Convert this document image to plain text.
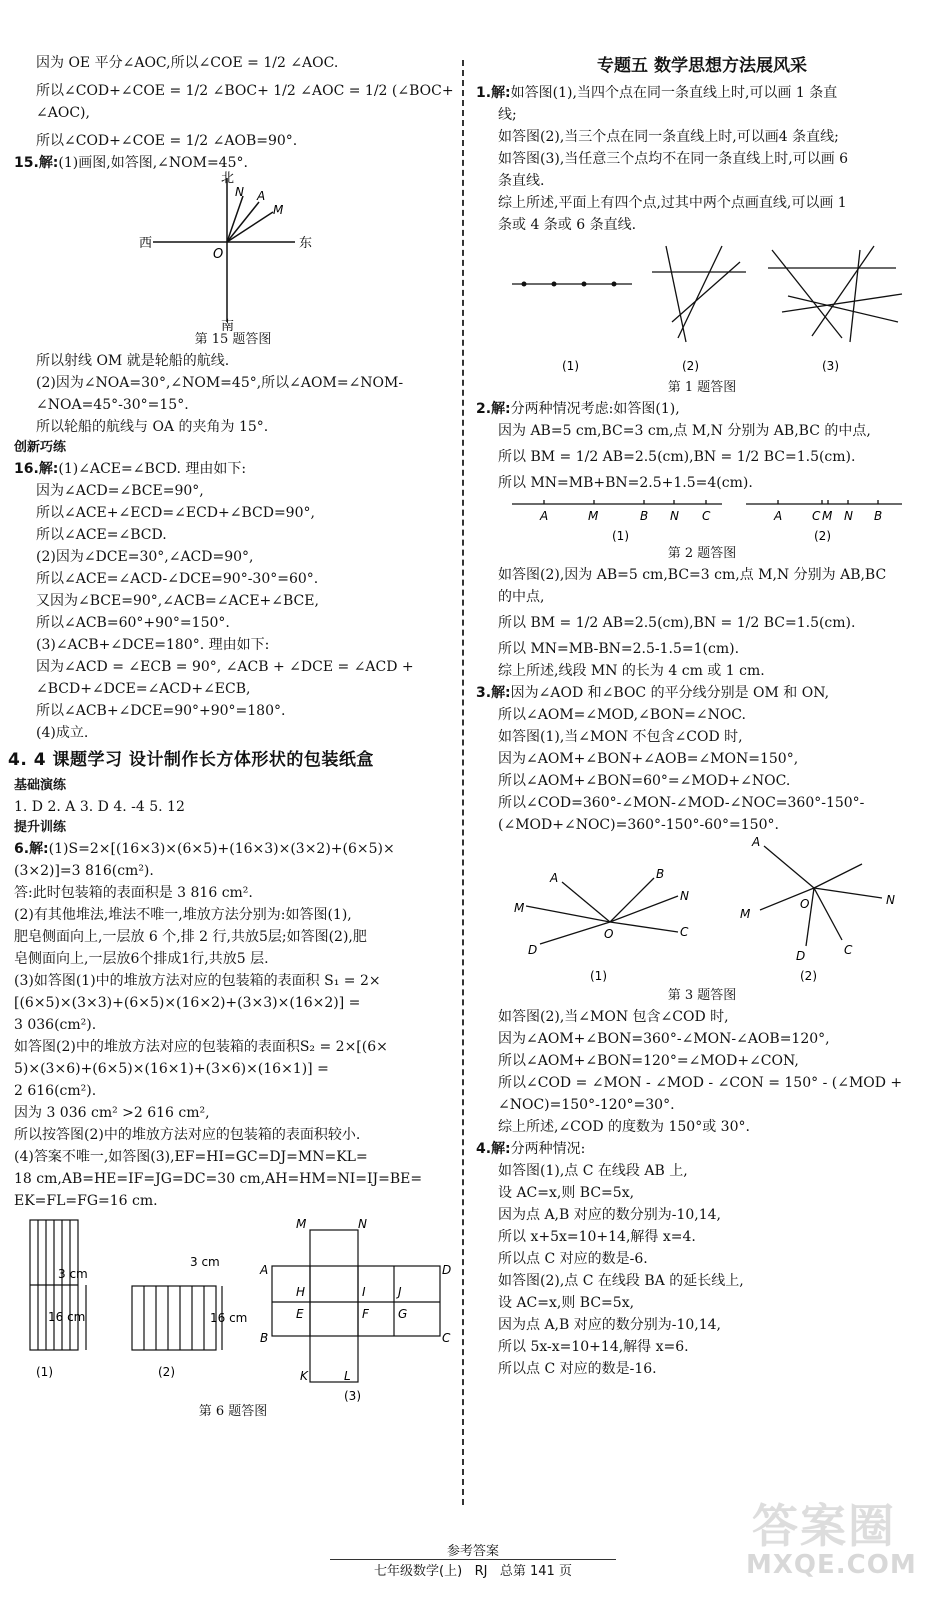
因为 OE 平分∠AOC,所以∠COE = 1/2 ∠AOC.
所以∠COD+∠COE = 1/2 ∠BOC+ 1/2 ∠AOC = 1/2 (∠BOC+
∠AOC),
所以∠COD+∠COE = 1/2 ∠AOB=90°.
15.解:(1)画图,如答图,∠NOM=45°.
北
南
西	东
O
N A
M
第 15 题答图
所以射线 OM 就是轮船的航线.
(2)因为∠NOA=30°,∠NOM=45°,所以∠AOM=∠NOM-
∠NOA=45°-30°=15°.
所以轮船的航线与 OA 的夹角为 15°.
创新巧练
16.解:(1)∠ACE=∠BCD. 理由如下:
因为∠ACD=∠BCE=90°,
所以∠ACE+∠ECD=∠ECD+∠BCD=90°,
所以∠ACE=∠BCD.
(2)因为∠DCE=30°,∠ACD=90°,
所以∠ACE=∠ACD-∠DCE=90°-30°=60°.
又因为∠BCE=90°,∠ACB=∠ACE+∠BCE,
所以∠ACB=60°+90°=150°.
(3)∠ACB+∠DCE=180°. 理由如下:
因为∠ACD = ∠ECB = 90°, ∠ACB + ∠DCE = ∠ACD +
∠BCD+∠DCE=∠ACD+∠ECB,
所以∠ACB+∠DCE=90°+90°=180°.
(4)成立.
4. 4 课题学习 设计制作长方体形状的包装纸盒
基础演练
1. D 2. A 3. D 4. -4 5. 12
提升训练
6.解:(1)S=2×[(16×3)×(6×5)+(16×3)×(3×2)+(6×5)×
(3×2)]=3 816(cm²).
答:此时包装箱的表面积是 3 816 cm².
(2)有其他堆法,堆法不唯一,堆放方法分别为:如答图(1),
肥皂侧面向上,一层放 6 个,排 2 行,共放5层;如答图(2),肥
皂侧面向上,一层放6个排成1行,共放5 层.
(3)如答图(1)中的堆放方法对应的包装箱的表面积 S₁ = 2×
[(6×5)×(3×3)+(6×5)×(16×2)+(3×3)×(16×2)] =
3 036(cm²).
如答图(2)中的堆放方法对应的包装箱的表面积S₂ = 2×[(6×
5)×(3×6)+(6×5)×(16×1)+(3×6)×(16×1)] =
2 616(cm²).
因为 3 036 cm² >2 616 cm²,
所以按答图(2)中的堆放方法对应的包装箱的表面积较小.
(4)答案不唯一,如答图(3),EF=HI=GC=DJ=MN=KL=
18 cm,AB=HE=IF=JG=DC=30 cm,AH=HM=NI=IJ=BE=
EK=FL=FG=16 cm.
3 cm
16 cm
(1)
3 cm
16 cm
(2)
M	N
A
H	I	J
D
B
E	F G
C
K	L
(3)
第 6 题答图
专题五 数学思想方法展风采
1.解:如答图(1),当四个点在同一条直线上时,可以画 1 条直
线;
如答图(2),当三个点在同一条直线上时,可以画4 条直线;
如答图(3),当任意三个点均不在同一条直线上时,可以画 6
条直线.
综上所述,平面上有四个点,过其中两个点画直线,可以画 1
条或 4 条或 6 条直线.
(1)	(2)	(3)
第 1 题答图
2.解:分两种情况考虑:如答图(1),
因为 AB=5 cm,BC=3 cm,点 M,N 分别为 AB,BC 的中点,
所以 BM = 1/2 AB=2.5(cm),BN = 1/2 BC=1.5(cm).
所以 MN=MB+BN=2.5+1.5=4(cm).
A	M	B N C	A C M N B
(1)	(2)
第 2 题答图
如答图(2),因为 AB=5 cm,BC=3 cm,点 M,N 分别为 AB,BC
的中点,
所以 BM = 1/2 AB=2.5(cm),BN = 1/2 BC=1.5(cm).
所以 MN=MB-BN=2.5-1.5=1(cm).
综上所述,线段 MN 的长为 4 cm 或 1 cm.
3.解:因为∠AOD 和∠BOC 的平分线分别是 OM 和 ON,
所以∠AOM=∠MOD,∠BON=∠NOC.
如答图(1),当∠MON 不包含∠COD 时,
因为∠AOM+∠BON+∠AOB=∠MON=150°,
所以∠AOM+∠BON=60°=∠MOD+∠NOC.
所以∠COD=360°-∠MON-∠MOD-∠NOC=360°-150°-
(∠MOD+∠NOC)=360°-150°-60°=150°.
A	B
N
M
O	C
D
(1)
A
N
M
O
D	C
(2)
第 3 题答图
如答图(2),当∠MON 包含∠COD 时,
因为∠AOM+∠BON=360°-∠MON-∠AOB=120°,
所以∠AOM+∠BON=120°=∠MOD+∠CON,
所以∠COD = ∠MON - ∠MOD - ∠CON = 150° - (∠MOD +
∠NOC)=150°-120°=30°.
综上所述,∠COD 的度数为 150°或 30°.
4.解:分两种情况:
如答图(1),点 C 在线段 AB 上,
设 AC=x,则 BC=5x,
因为点 A,B 对应的数分别为-10,14,
所以 x+5x=10+14,解得 x=4.
所以点 C 对应的数是-6.
如答图(2),点 C 在线段 BA 的延长线上,
设 AC=x,则 BC=5x,
因为点 A,B 对应的数分别为-10,14,
所以 5x-x=10+14,解得 x=6.
所以点 C 对应的数是-16.
参考答案
七年级数学(上) RJ 总第 141 页
答案圈
MXQE.COM
